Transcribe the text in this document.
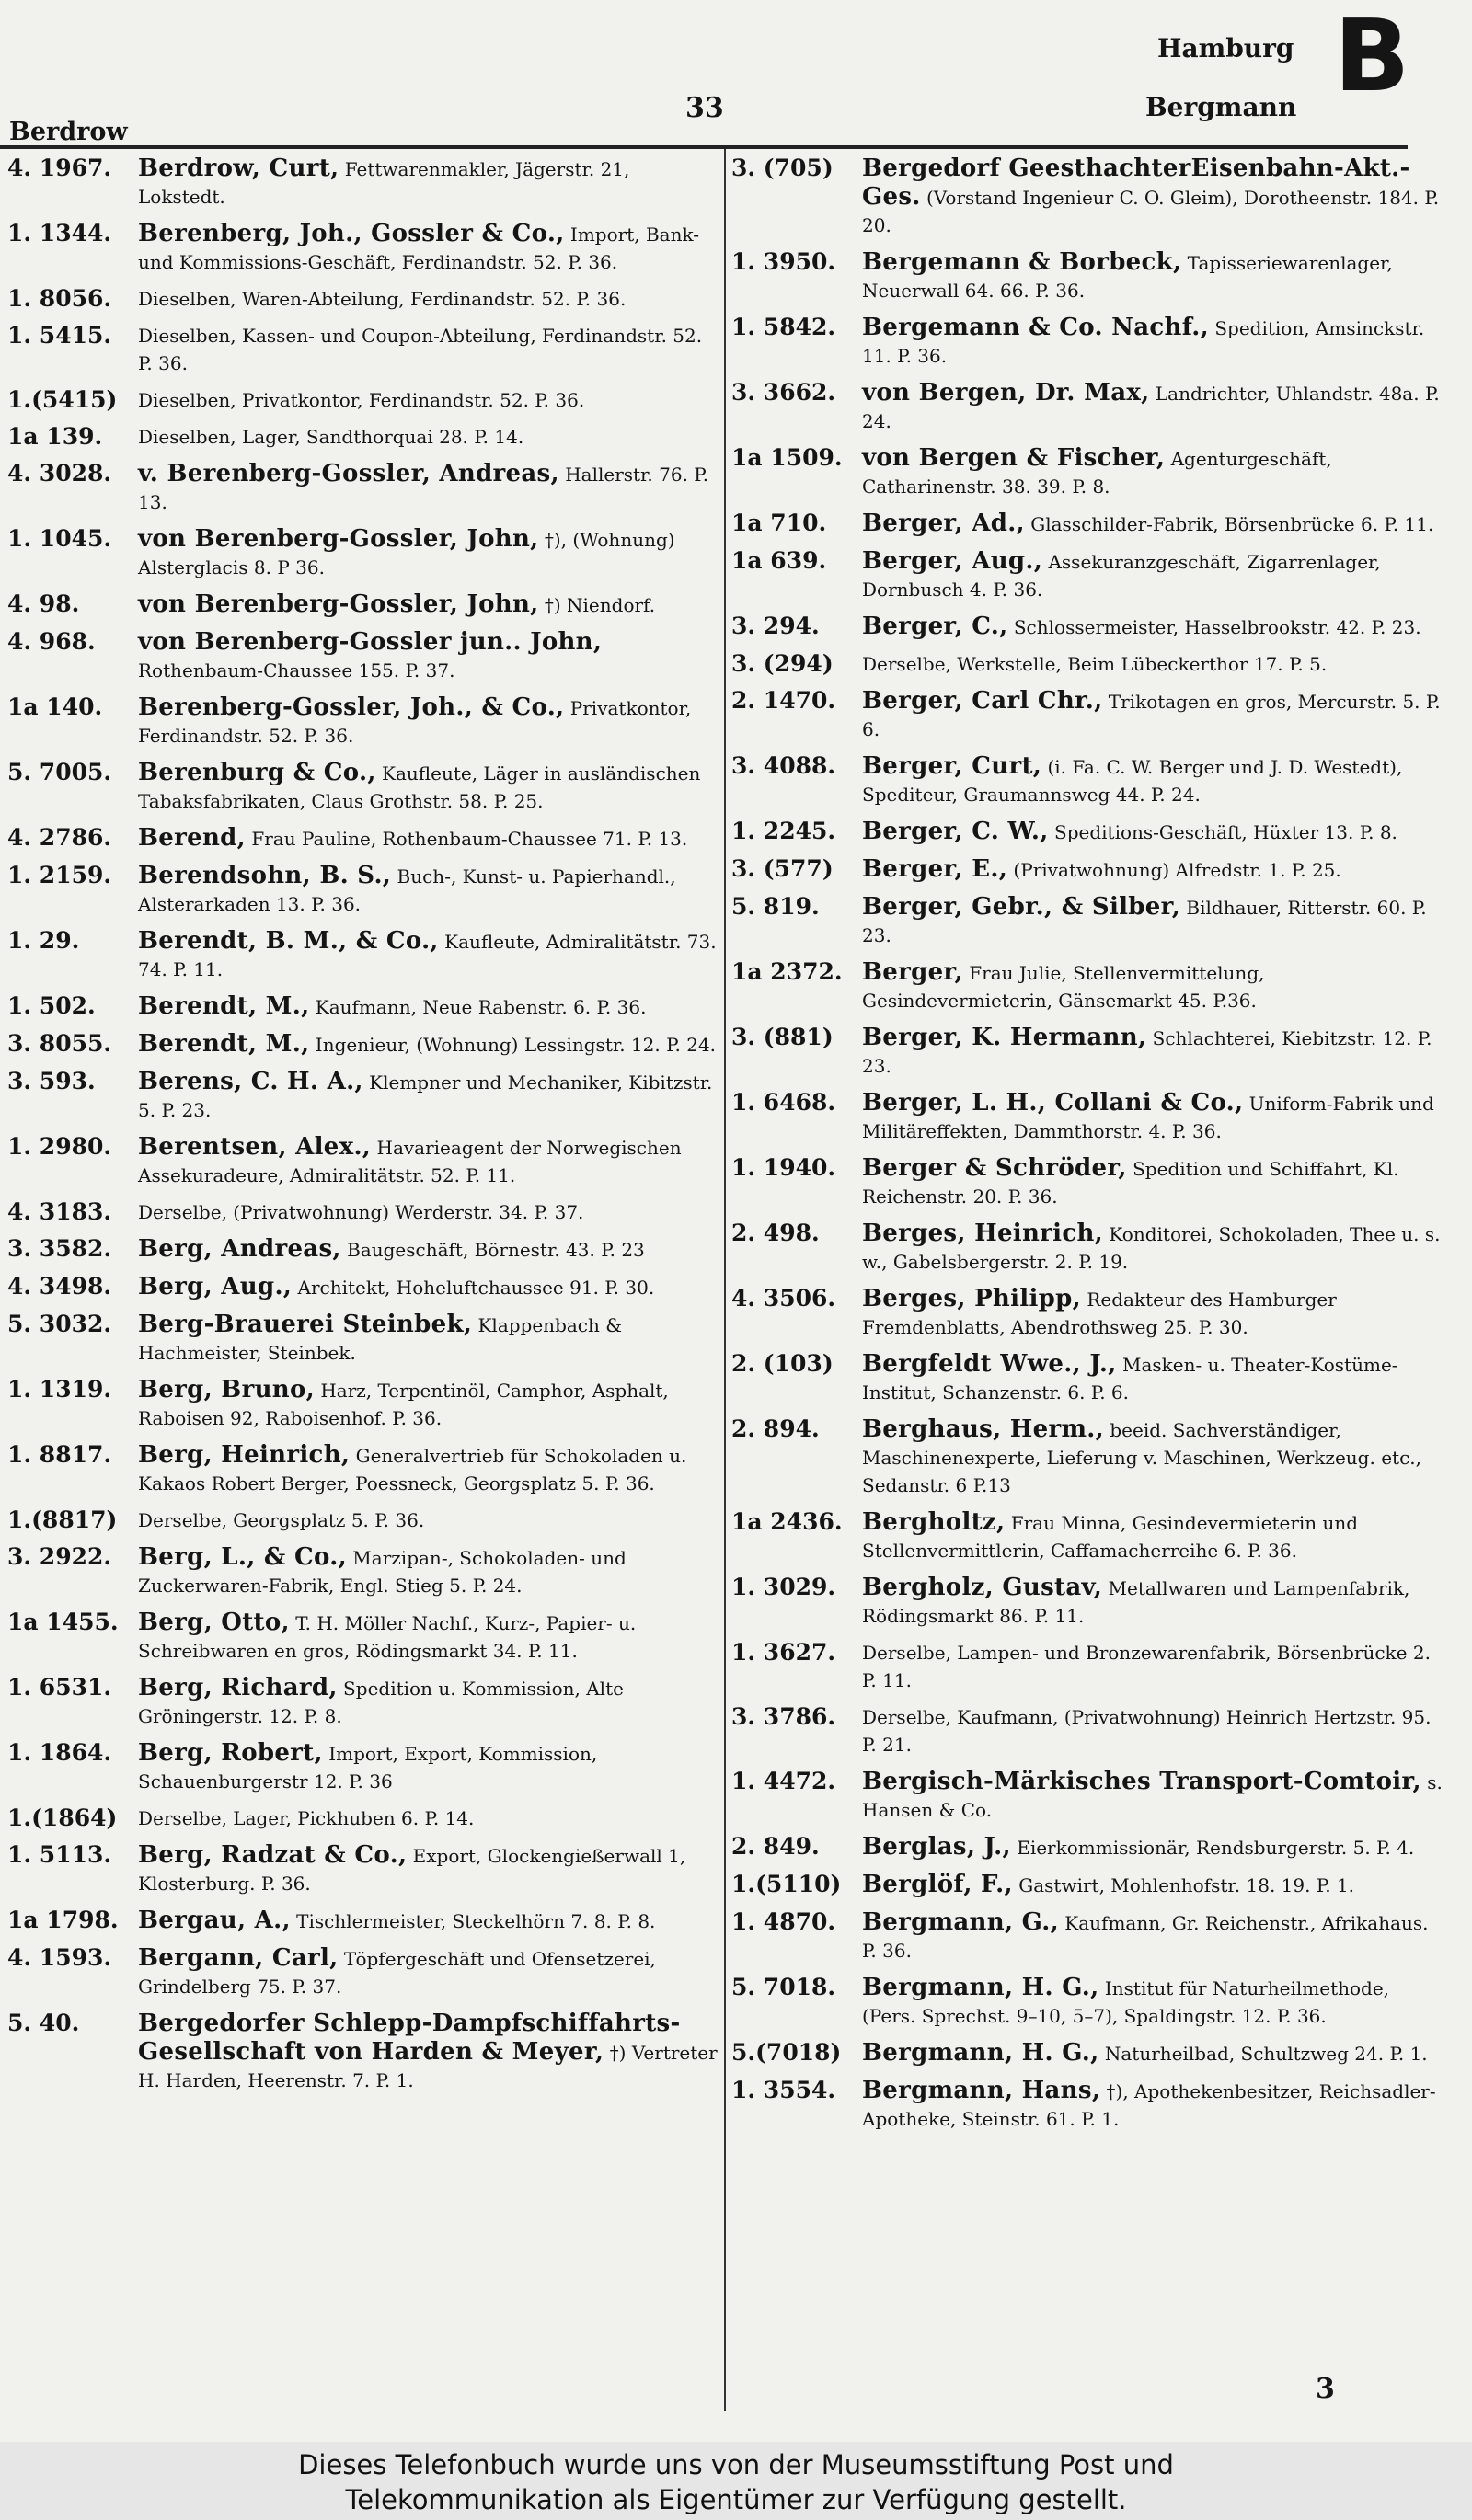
Berdrow
33
Hamburg
Bergmann B
4. 1967.	Berdrow, Curt, Fettwarenmakler, Jägerstr. 21, Lokstedt.
1. 1344.	Berenberg, Joh., Gossler & Co., Import, Bank- und Kommissions-Geschäft, Ferdinandstr. 52. P. 36.
1. 8056.	Dieselben, Waren-Abteilung, Ferdinandstr. 52. P. 36.
1. 5415.	Dieselben, Kassen- und Coupon-Abteilung, Ferdinandstr. 52. P. 36.
1.(5415)	Dieselben, Privatkontor, Ferdinandstr. 52. P. 36.
1a 139.	Dieselben, Lager, Sandthorquai 28. P. 14.
4. 3028.	v. Berenberg-Gossler, Andreas, Hallerstr. 76. P. 13.
1. 1045.	von Berenberg-Gossler, John, †), (Wohnung) Alsterglacis 8. P 36.
4. 98.	von Berenberg-Gossler, John, †) Niendorf.
4. 968.	von Berenberg-Gossler jun.. John, Rothenbaum-Chaussee 155. P. 37.
1a 140.	Berenberg-Gossler, Joh., & Co., Privatkontor, Ferdinandstr. 52. P. 36.
5. 7005.	Berenburg & Co., Kaufleute, Läger in ausländischen Tabaksfabrikaten, Claus Grothstr. 58. P. 25.
4. 2786.	Berend, Frau Pauline, Rothenbaum-Chaussee 71. P. 13.
1. 2159.	Berendsohn, B. S., Buch-, Kunst- u. Papierhandl., Alsterarkaden 13. P. 36.
1. 29.	Berendt, B. M., & Co., Kaufleute, Admiralitätstr. 73. 74. P. 11.
1. 502.	Berendt, M., Kaufmann, Neue Rabenstr. 6. P. 36.
3. 8055.	Berendt, M., Ingenieur, (Wohnung) Lessingstr. 12. P. 24.
3. 593.	Berens, C. H. A., Klempner und Mechaniker, Kibitzstr. 5. P. 23.
1. 2980.	Berentsen, Alex., Havarieagent der Norwegischen Assekuradeure, Admiralitätstr. 52. P. 11.
4. 3183.	Derselbe, (Privatwohnung) Werderstr. 34. P. 37.
3. 3582.	Berg, Andreas, Baugeschäft, Börnestr. 43. P. 23
4. 3498.	Berg, Aug., Architekt, Hoheluftchaussee 91. P. 30.
5. 3032.	Berg-Brauerei Steinbek, Klappenbach & Hachmeister, Steinbek.
1. 1319.	Berg, Bruno, Harz, Terpentinöl, Camphor, Asphalt, Raboisen 92, Raboisenhof. P. 36.
1. 8817.	Berg, Heinrich, Generalvertrieb für Schokoladen u. Kakaos Robert Berger, Poessneck, Georgsplatz 5. P. 36.
1.(8817)	Derselbe, Georgsplatz 5. P. 36.
3. 2922.	Berg, L., & Co., Marzipan-, Schokoladen- und Zuckerwaren-Fabrik, Engl. Stieg 5. P. 24.
1a 1455. Berg, Otto, T. H. Möller Nachf., Kurz-, Papier- u. Schreibwaren en gros, Rödingsmarkt 34. P. 11.
1. 6531.	Berg, Richard, Spedition u. Kommission, Alte Gröningerstr. 12. P. 8.
1. 1864.	Berg, Robert, Import, Export, Kommission, Schauenburgerstr 12. P. 36
1.(1864)	Derselbe, Lager, Pickhuben 6. P. 14.
1. 5113.	Berg, Radzat & Co., Export, Glockengießerwall 1, Klosterburg. P. 36.
1a 1798. Bergau, A., Tischlermeister, Steckelhörn 7. 8. P. 8.
4. 1593.	Bergann, Carl, Töpfergeschäft und Ofensetzerei, Grindelberg 75. P. 37.
5. 40.	Bergedorfer Schlepp-Dampfschiffahrts-Gesellschaft von Harden & Meyer, †) Vertreter H. Harden, Heerenstr. 7. P. 1.
3. (705)	Bergedorf GeesthachterEisenbahn-Akt.-Ges. (Vorstand Ingenieur C. O. Gleim), Dorotheenstr. 184. P. 20.
1. 3950.	Bergemann & Borbeck, Tapisseriewarenlager, Neuerwall 64. 66. P. 36.
1. 5842.	Bergemann & Co. Nachf., Spedition, Amsinckstr. 11. P. 36.
3. 3662.	von Bergen, Dr. Max, Landrichter, Uhlandstr. 48a. P. 24.
1a 1509. von Bergen & Fischer, Agenturgeschäft, Catharinenstr. 38. 39. P. 8.
1a 710.	Berger, Ad., Glasschilder-Fabrik, Börsenbrücke 6. P. 11.
1a 639.	Berger, Aug., Assekuranzgeschäft, Zigarrenlager, Dornbusch 4. P. 36.
3. 294.	Berger, C., Schlossermeister, Hasselbrookstr. 42. P. 23.
3. (294)	Derselbe, Werkstelle, Beim Lübeckerthor 17. P. 5.
2. 1470.	Berger, Carl Chr., Trikotagen en gros, Mercurstr. 5. P. 6.
3. 4088.	Berger, Curt, (i. Fa. C. W. Berger und J. D. Westedt), Spediteur, Graumannsweg 44. P. 24.
1. 2245.	Berger, C. W., Speditions-Geschäft, Hüxter 13. P. 8.
3. (577)	Berger, E., (Privatwohnung) Alfredstr. 1. P. 25.
5. 819.	Berger, Gebr., & Silber, Bildhauer, Ritterstr. 60. P. 23.
1a 2372. Berger, Frau Julie, Stellenvermittelung, Gesindevermieterin, Gänsemarkt 45. P.36.
3. (881)	Berger, K. Hermann, Schlachterei, Kiebitzstr. 12. P. 23.
1. 6468.	Berger, L. H., Collani & Co., Uniform-Fabrik und Militäreffekten, Dammthorstr. 4. P. 36.
1. 1940.	Berger & Schröder, Spedition und Schiffahrt, Kl. Reichenstr. 20. P. 36.
2. 498.	Berges, Heinrich, Konditorei, Schokoladen, Thee u. s. w., Gabelsbergerstr. 2. P. 19.
4. 3506.	Berges, Philipp, Redakteur des Hamburger Fremdenblatts, Abendrothsweg 25. P. 30.
2. (103)	Bergfeldt Wwe., J., Masken- u. Theater-Kostüme-Institut, Schanzenstr. 6. P. 6.
2. 894.	Berghaus, Herm., beeid. Sachverständiger, Maschinenexperte, Lieferung v. Maschinen, Werkzeug. etc., Sedanstr. 6 P.13
1a 2436. Bergholtz, Frau Minna, Gesindevermieterin und Stellenvermittlerin, Caffamacherreihe 6. P. 36.
1. 3029.	Bergholz, Gustav, Metallwaren und Lampenfabrik, Rödingsmarkt 86. P. 11.
1. 3627.	Derselbe, Lampen- und Bronzewarenfabrik, Börsenbrücke 2. P. 11.
3. 3786.	Derselbe, Kaufmann, (Privatwohnung) Heinrich Hertzstr. 95. P. 21.
1. 4472.	Bergisch-Märkisches Transport-Comtoir, s. Hansen & Co.
2. 849.	Berglas, J., Eierkommissionär, Rendsburgerstr. 5. P. 4.
1.(5110) Berglöf, F., Gastwirt, Mohlenhofstr. 18. 19. P. 1.
1. 4870.	Bergmann, G., Kaufmann, Gr. Reichenstr., Afrikahaus. P. 36.
5. 7018.	Bergmann, H. G., Institut für Naturheilmethode, (Pers. Sprechst. 9–10, 5–7), Spaldingstr. 12. P. 36.
5.(7018) Bergmann, H. G., Naturheilbad, Schultzweg 24. P. 1.
1. 3554.	Bergmann, Hans, †), Apothekenbesitzer, Reichsadler-Apotheke, Steinstr. 61. P. 1.
3
Dieses Telefonbuch wurde uns von der Museumsstiftung Post und
Telekommunikation als Eigentümer zur Verfügung gestellt.
